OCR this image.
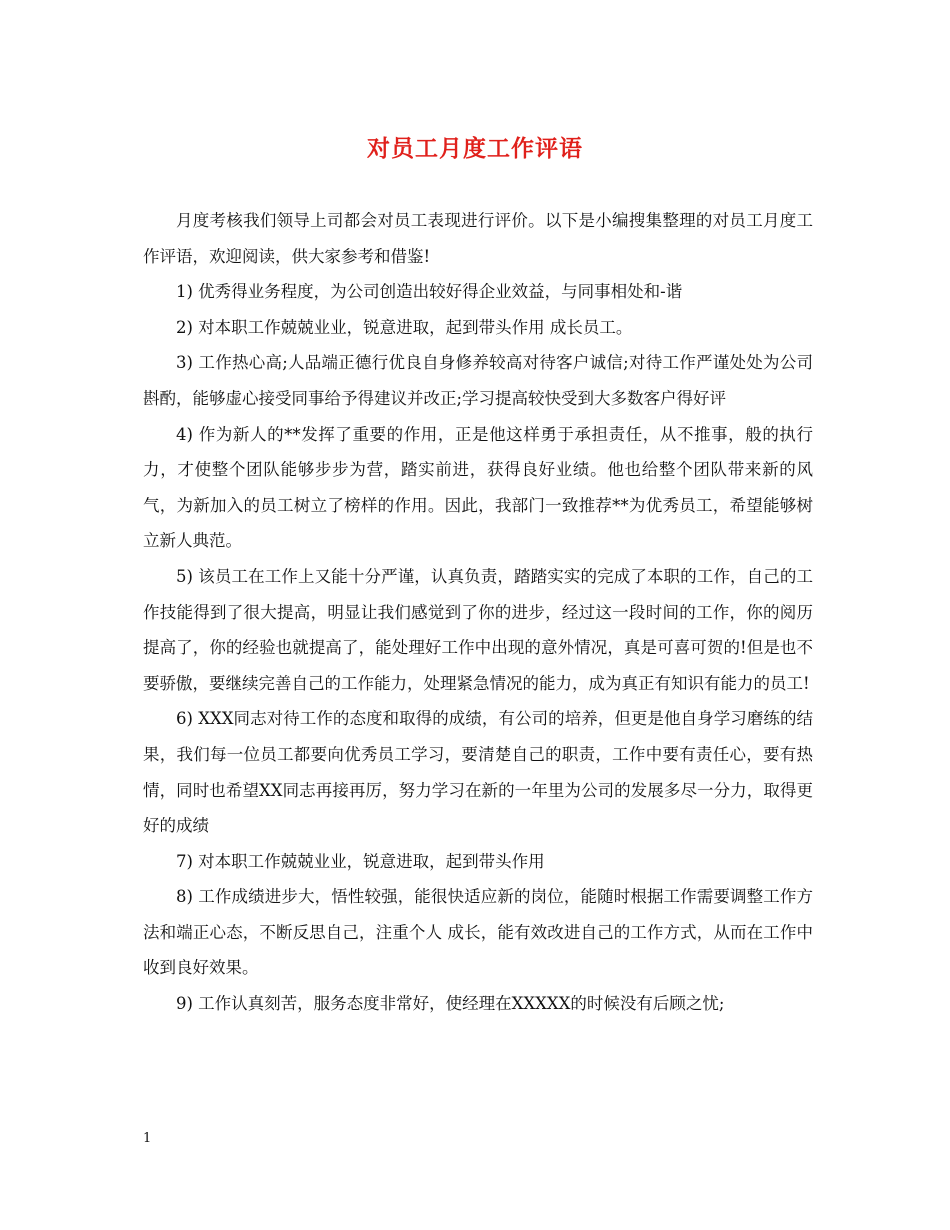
对员工月度工作评语

月度考核我们领导上司都会对员工表现进行评价。以下是小编搜集整理的对员工月度工作评语，欢迎阅读，供大家参考和借鉴!

1) 优秀得业务程度，为公司创造出较好得企业效益，与同事相处和-谐

2) 对本职工作兢兢业业，锐意进取，起到带头作用 成长员工。

3) 工作热心高;人品端正德行优良自身修养较高对待客户诚信;对待工作严谨处处为公司斟酌，能够虚心接受同事给予得建议并改正;学习提高较快受到大多数客户得好评

4) 作为新人的**发挥了重要的作用，正是他这样勇于承担责任，从不推事，般的执行力，才使整个团队能够步步为营，踏实前进，获得良好业绩。他也给整个团队带来新的风气，为新加入的员工树立了榜样的作用。因此，我部门一致推荐**为优秀员工，希望能够树立新人典范。

5) 该员工在工作上又能十分严谨，认真负责，踏踏实实的完成了本职的工作，自己的工作技能得到了很大提高，明显让我们感觉到了你的进步，经过这一段时间的工作，你的阅历提高了，你的经验也就提高了，能处理好工作中出现的意外情况，真是可喜可贺的!但是也不要骄傲，要继续完善自己的工作能力，处理紧急情况的能力，成为真正有知识有能力的员工!

6) XXX同志对待工作的态度和取得的成绩，有公司的培养，但更是他自身学习磨练的结果，我们每一位员工都要向优秀员工学习，要清楚自己的职责，工作中要有责任心，要有热情，同时也希望XX同志再接再厉，努力学习在新的一年里为公司的发展多尽一分力，取得更好的成绩

7) 对本职工作兢兢业业，锐意进取，起到带头作用

8) 工作成绩进步大，悟性较强，能很快适应新的岗位，能随时根据工作需要调整工作方法和端正心态，不断反思自己，注重个人 成长，能有效改进自己的工作方式，从而在工作中收到良好效果。

9) 工作认真刻苦，服务态度非常好，使经理在XXXXX的时候没有后顾之忧;

1
